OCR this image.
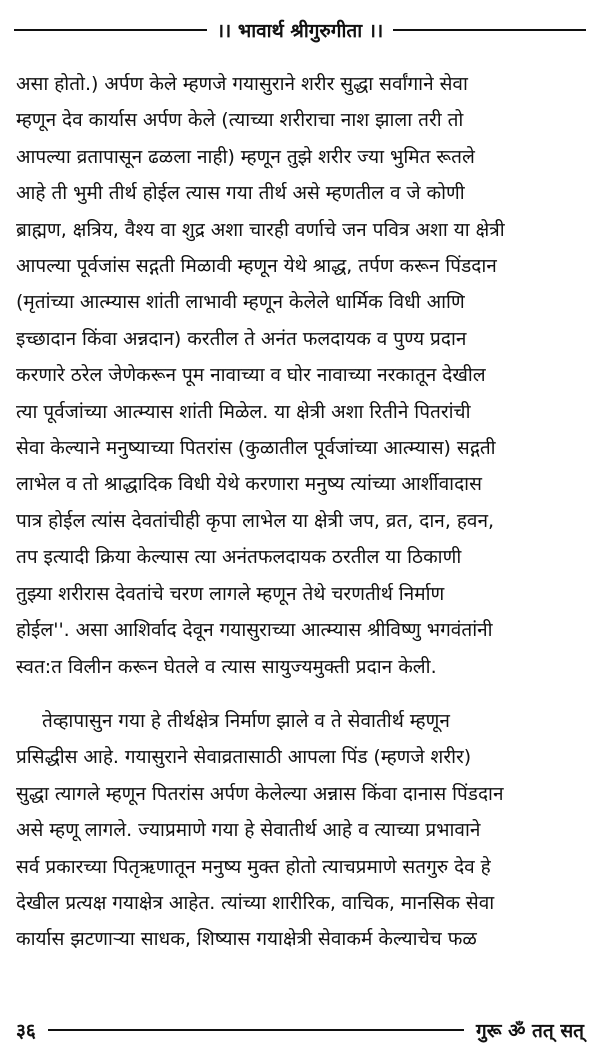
।। भावार्थ श्रीगुरुगीता ।।

असा होतो.) अर्पण केले म्हणजे गयासुराने शरीर सुद्धा सर्वांगाने सेवा
म्हणून देव कार्यास अर्पण केले (त्याच्या शरीराचा नाश झाला तरी तो
आपल्या व्रतापासून ढळला नाही) म्हणून तुझे शरीर ज्या भुमित रूतले
आहे ती भुमी तीर्थ होईल त्यास गया तीर्थ असे म्हणतील व जे कोणी
ब्राह्मण, क्षत्रिय, वैश्य वा शुद्र अशा चारही वर्णाचे जन पवित्र अशा या क्षेत्री
आपल्या पूर्वजांस सद्गती मिळावी म्हणून येथे श्राद्ध, तर्पण करून पिंडदान
(मृतांच्या आत्म्यास शांती लाभावी म्हणून केलेले धार्मिक विधी आणि
इच्छादान किंवा अन्नदान) करतील ते अनंत फलदायक व पुण्य प्रदान
करणारे ठरेल जेणेकरून पूम नावाच्या व घोर नावाच्या नरकातून देखील
त्या पूर्वजांच्या आत्म्यास शांती मिळेल. या क्षेत्री अशा रितीने पितरांची
सेवा केल्याने मनुष्याच्या पितरांस (कुळातील पूर्वजांच्या आत्म्यास) सद्गती
लाभेल व तो श्राद्धादिक विधी येथे करणारा मनुष्य त्यांच्या आर्शीवादास
पात्र होईल त्यांस देवतांचीही कृपा लाभेल या क्षेत्री जप, व्रत, दान, हवन,
तप इत्यादी क्रिया केल्यास त्या अनंतफलदायक ठरतील या ठिकाणी
तुझ्या शरीरास देवतांचे चरण लागले म्हणून तेथे चरणतीर्थ निर्माण
होईल''. असा आशिर्वाद देवून गयासुराच्या आत्म्यास श्रीविष्णु भगवंतांनी
स्वत:त विलीन करून घेतले व त्यास सायुज्यमुक्ती प्रदान केली.

तेव्हापासुन गया हे तीर्थक्षेत्र निर्माण झाले व ते सेवातीर्थ म्हणून
प्रसिद्धीस आहे. गयासुराने सेवाव्रतासाठी आपला पिंड (म्हणजे शरीर)
सुद्धा त्यागले म्हणून पितरांस अर्पण केलेल्या अन्नास किंवा दानास पिंडदान
असे म्हणू लागले. ज्याप्रमाणे गया हे सेवातीर्थ आहे व त्याच्या प्रभावाने
सर्व प्रकारच्या पितृऋणातून मनुष्य मुक्त होतो त्याचप्रमाणे सतगुरु देव हे
देखील प्रत्यक्ष गयाक्षेत्र आहेत. त्यांच्या शारीरिक, वाचिक, मानसिक सेवा
कार्यास झटणाऱ्या साधक, शिष्यास गयाक्षेत्री सेवाकर्म केल्याचेच फळ

३६	गुरू ॐ तत् सत्
